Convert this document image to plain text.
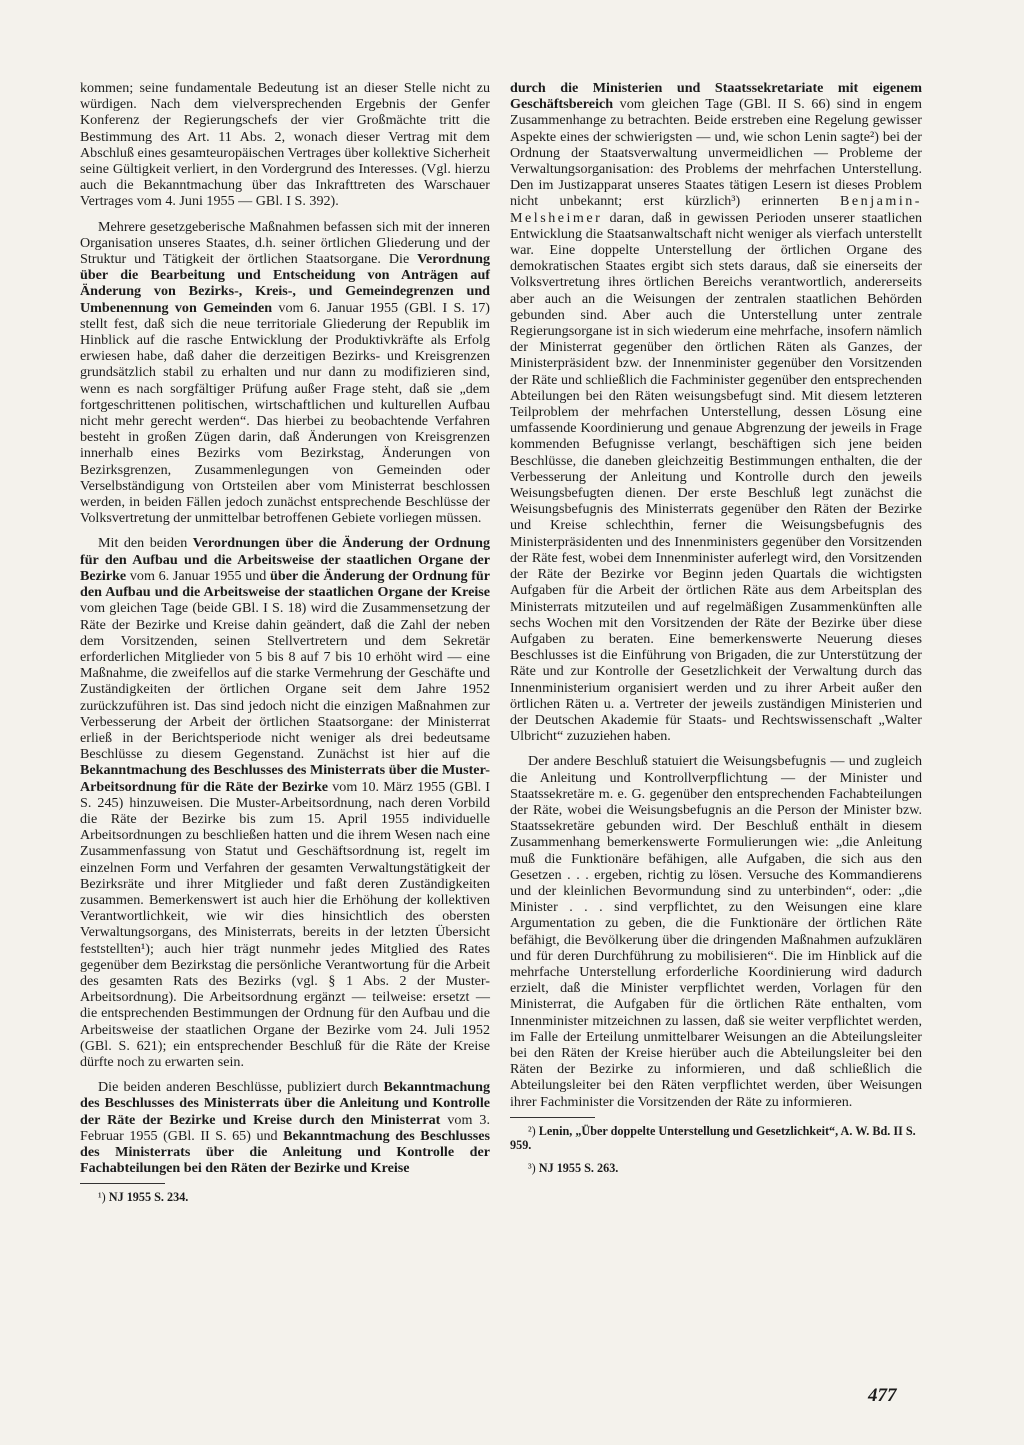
kommen; seine fundamentale Bedeutung ist an dieser Stelle nicht zu würdigen. Nach dem vielversprechenden Ergebnis der Genfer Konferenz der Regierungschefs der vier Großmächte tritt die Bestimmung des Art. 11 Abs. 2, wonach dieser Vertrag mit dem Abschluß eines gesamteuropäischen Vertrages über kollektive Sicherheit seine Gültigkeit verliert, in den Vordergrund des Interesses. (Vgl. hierzu auch die Bekanntmachung über das Inkrafttreten des Warschauer Vertrages vom 4. Juni 1955 — GBl. I S. 392).

Mehrere gesetzgeberische Maßnahmen befassen sich mit der inneren Organisation unseres Staates, d.h. seiner örtlichen Gliederung und der Struktur und Tätigkeit der örtlichen Staatsorgane. Die Verordnung über die Bearbeitung und Entscheidung von Anträgen auf Änderung von Bezirks-, Kreis-, und Gemeindegrenzen und Umbenennung von Gemeinden vom 6. Januar 1955 (GBl. I S. 17) stellt fest, daß sich die neue territoriale Gliederung der Republik im Hinblick auf die rasche Entwicklung der Produktivkräfte als Erfolg erwiesen habe, daß daher die derzeitigen Bezirks- und Kreisgrenzen grundsätzlich stabil zu erhalten und nur dann zu modifizieren sind, wenn es nach sorgfältiger Prüfung außer Frage steht, daß sie „dem fortgeschrittenen politischen, wirtschaftlichen und kulturellen Aufbau nicht mehr gerecht werden“. Das hierbei zu beobachtende Verfahren besteht in großen Zügen darin, daß Änderungen von Kreisgrenzen innerhalb eines Bezirks vom Bezirkstag, Änderungen von Bezirksgrenzen, Zusammenlegungen von Gemeinden oder Verselbständigung von Ortsteilen aber vom Ministerrat beschlossen werden, in beiden Fällen jedoch zunächst entsprechende Beschlüsse der Volksvertretung der unmittelbar betroffenen Gebiete vorliegen müssen.

Mit den beiden Verordnungen über die Änderung der Ordnung für den Aufbau und die Arbeitsweise der staatlichen Organe der Bezirke vom 6. Januar 1955 und über die Änderung der Ordnung für den Aufbau und die Arbeitsweise der staatlichen Organe der Kreise vom gleichen Tage (beide GBl. I S. 18) wird die Zusammensetzung der Räte der Bezirke und Kreise dahin geändert, daß die Zahl der neben dem Vorsitzenden, seinen Stellvertretern und dem Sekretär erforderlichen Mitglieder von 5 bis 8 auf 7 bis 10 erhöht wird — eine Maßnahme, die zweifellos auf die starke Vermehrung der Geschäfte und Zuständigkeiten der örtlichen Organe seit dem Jahre 1952 zurückzuführen ist. Das sind jedoch nicht die einzigen Maßnahmen zur Verbesserung der Arbeit der örtlichen Staatsorgane: der Ministerrat erließ in der Berichtsperiode nicht weniger als drei bedeutsame Beschlüsse zu diesem Gegenstand. Zunächst ist hier auf die Bekanntmachung des Beschlusses des Ministerrats über die Muster-Arbeitsordnung für die Räte der Bezirke vom 10. März 1955 (GBl. I S. 245) hinzuweisen. Die Muster-Arbeitsordnung, nach deren Vorbild die Räte der Bezirke bis zum 15. April 1955 individuelle Arbeitsordnungen zu beschließen hatten und die ihrem Wesen nach eine Zusammenfassung von Statut und Geschäftsordnung ist, regelt im einzelnen Form und Verfahren der gesamten Verwaltungstätigkeit der Bezirksräte und ihrer Mitglieder und faßt deren Zuständigkeiten zusammen. Bemerkenswert ist auch hier die Erhöhung der kollektiven Verantwortlichkeit, wie wir dies hinsichtlich des obersten Verwaltungsorgans, des Ministerrats, bereits in der letzten Übersicht feststellten¹); auch hier trägt nunmehr jedes Mitglied des Rates gegenüber dem Bezirkstag die persönliche Verantwortung für die Arbeit des gesamten Rats des Bezirks (vgl. § 1 Abs. 2 der Muster-Arbeitsordnung). Die Arbeitsordnung ergänzt — teilweise: ersetzt — die entsprechenden Bestimmungen der Ordnung für den Aufbau und die Arbeitsweise der staatlichen Organe der Bezirke vom 24. Juli 1952 (GBl. S. 621); ein entsprechender Beschluß für die Räte der Kreise dürfte noch zu erwarten sein.

Die beiden anderen Beschlüsse, publiziert durch Bekanntmachung des Beschlusses des Ministerrats über die Anleitung und Kontrolle der Räte der Bezirke und Kreise durch den Ministerrat vom 3. Februar 1955 (GBl. II S. 65) und Bekanntmachung des Beschlusses des Ministerrats über die Anleitung und Kontrolle der Fachabteilungen bei den Räten der Bezirke und Kreise

¹) NJ 1955 S. 234.

durch die Ministerien und Staatssekretariate mit eigenem Geschäftsbereich vom gleichen Tage (GBl. II S. 66) sind in engem Zusammenhange zu betrachten. Beide erstreben eine Regelung gewisser Aspekte eines der schwierigsten — und, wie schon Lenin sagte²) bei der Ordnung der Staatsverwaltung unvermeidlichen — Probleme der Verwaltungsorganisation: des Problems der mehrfachen Unterstellung. Den im Justizapparat unseres Staates tätigen Lesern ist dieses Problem nicht unbekannt; erst kürzlich³) erinnerten Benjamin-Melsheimer daran, daß in gewissen Perioden unserer staatlichen Entwicklung die Staatsanwaltschaft nicht weniger als vierfach unterstellt war. Eine doppelte Unterstellung der örtlichen Organe des demokratischen Staates ergibt sich stets daraus, daß sie einerseits der Volksvertretung ihres örtlichen Bereichs verantwortlich, andererseits aber auch an die Weisungen der zentralen staatlichen Behörden gebunden sind. Aber auch die Unterstellung unter zentrale Regierungsorgane ist in sich wiederum eine mehrfache, insofern nämlich der Ministerrat gegenüber den örtlichen Räten als Ganzes, der Ministerpräsident bzw. der Innenminister gegenüber den Vorsitzenden der Räte und schließlich die Fachminister gegenüber den entsprechenden Abteilungen bei den Räten weisungsbefugt sind. Mit diesem letzteren Teilproblem der mehrfachen Unterstellung, dessen Lösung eine umfassende Koordinierung und genaue Abgrenzung der jeweils in Frage kommenden Befugnisse verlangt, beschäftigen sich jene beiden Beschlüsse, die daneben gleichzeitig Bestimmungen enthalten, die der Verbesserung der Anleitung und Kontrolle durch den jeweils Weisungsbefugten dienen. Der erste Beschluß legt zunächst die Weisungsbefugnis des Ministerrats gegenüber den Räten der Bezirke und Kreise schlechthin, ferner die Weisungsbefugnis des Ministerpräsidenten und des Innenministers gegenüber den Vorsitzenden der Räte fest, wobei dem Innenminister auferlegt wird, den Vorsitzenden der Räte der Bezirke vor Beginn jeden Quartals die wichtigsten Aufgaben für die Arbeit der örtlichen Räte aus dem Arbeitsplan des Ministerrats mitzuteilen und auf regelmäßigen Zusammenkünften alle sechs Wochen mit den Vorsitzenden der Räte der Bezirke über diese Aufgaben zu beraten. Eine bemerkenswerte Neuerung dieses Beschlusses ist die Einführung von Brigaden, die zur Unterstützung der Räte und zur Kontrolle der Gesetzlichkeit der Verwaltung durch das Innenministerium organisiert werden und zu ihrer Arbeit außer den örtlichen Räten u. a. Vertreter der jeweils zuständigen Ministerien und der Deutschen Akademie für Staats- und Rechtswissenschaft „Walter Ulbricht“ zuzuziehen haben.

Der andere Beschluß statuiert die Weisungsbefugnis — und zugleich die Anleitung und Kontrollverpflichtung — der Minister und Staatssekretäre m. e. G. gegenüber den entsprechenden Fachabteilungen der Räte, wobei die Weisungsbefugnis an die Person der Minister bzw. Staatssekretäre gebunden wird. Der Beschluß enthält in diesem Zusammenhang bemerkenswerte Formulierungen wie: „die Anleitung muß die Funktionäre befähigen, alle Aufgaben, die sich aus den Gesetzen . . . ergeben, richtig zu lösen. Versuche des Kommandierens und der kleinlichen Bevormundung sind zu unterbinden“, oder: „die Minister . . . sind verpflichtet, zu den Weisungen eine klare Argumentation zu geben, die die Funktionäre der örtlichen Räte befähigt, die Bevölkerung über die dringenden Maßnahmen aufzuklären und für deren Durchführung zu mobilisieren“. Die im Hinblick auf die mehrfache Unterstellung erforderliche Koordinierung wird dadurch erzielt, daß die Minister verpflichtet werden, Vorlagen für den Ministerrat, die Aufgaben für die örtlichen Räte enthalten, vom Innenminister mitzeichnen zu lassen, daß sie weiter verpflichtet werden, im Falle der Erteilung unmittelbarer Weisungen an die Abteilungsleiter bei den Räten der Kreise hierüber auch die Abteilungsleiter bei den Räten der Bezirke zu informieren, und daß schließlich die Abteilungsleiter bei den Räten verpflichtet werden, über Weisungen ihrer Fachminister die Vorsitzenden der Räte zu informieren.

²) Lenin, „Über doppelte Unterstellung und Gesetzlichkeit“, A. W. Bd. II S. 959.

³) NJ 1955 S. 263.

477
